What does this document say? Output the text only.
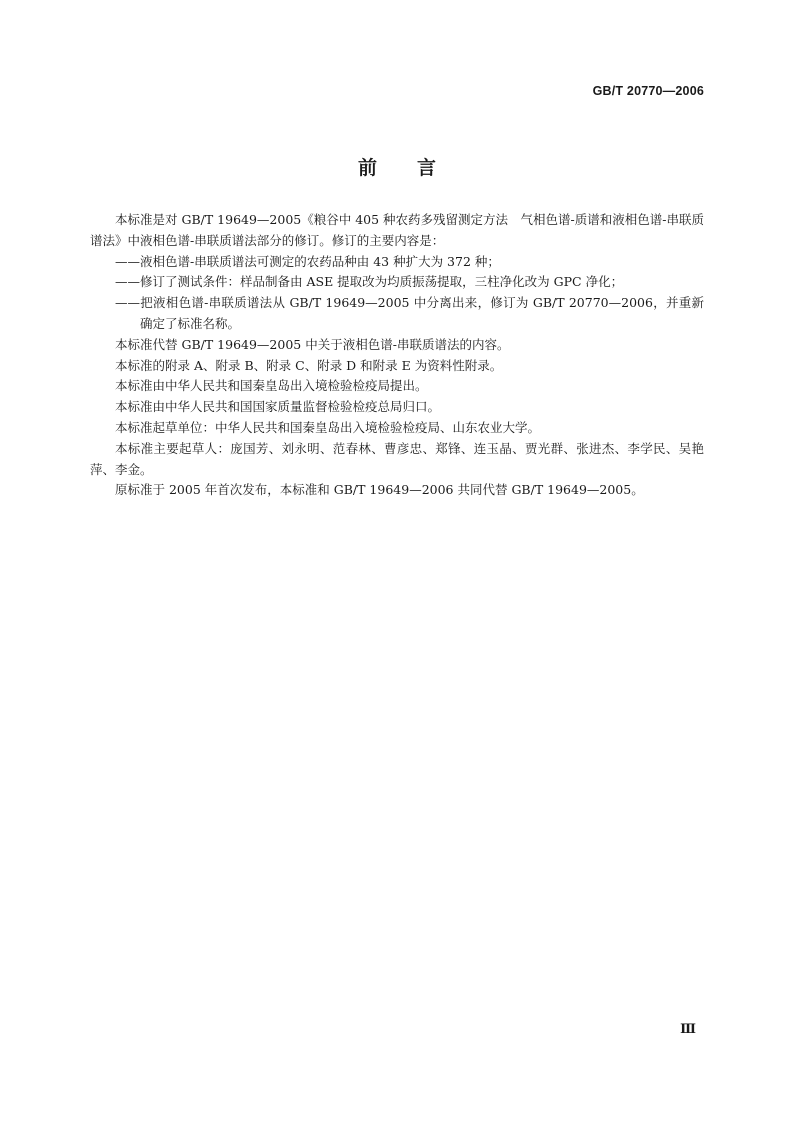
GB/T 20770—2006
前言

本标准是对 GB/T 19649—2005《粮谷中 405 种农药多残留测定方法　气相色谱-质谱和液相色谱-串联质谱法》中液相色谱-串联质谱法部分的修订。修订的主要内容是：

——液相色谱-串联质谱法可测定的农药品种由 43 种扩大为 372 种；

——修订了测试条件：样品制备由 ASE 提取改为均质振荡提取，三柱净化改为 GPC 净化；

——把液相色谱-串联质谱法从 GB/T 19649—2005 中分离出来，修订为 GB/T 20770—2006，并重新确定了标准名称。

本标准代替 GB/T 19649—2005 中关于液相色谱-串联质谱法的内容。

本标准的附录 A、附录 B、附录 C、附录 D 和附录 E 为资料性附录。

本标准由中华人民共和国秦皇岛出入境检验检疫局提出。

本标准由中华人民共和国国家质量监督检验检疫总局归口。

本标准起草单位：中华人民共和国秦皇岛出入境检验检疫局、山东农业大学。

本标准主要起草人：庞国芳、刘永明、范春林、曹彦忠、郑锋、连玉晶、贾光群、张进杰、李学民、吴艳萍、李金。

原标准于 2005 年首次发布，本标准和 GB/T 19649—2006 共同代替 GB/T 19649—2005。

Ⅲ
